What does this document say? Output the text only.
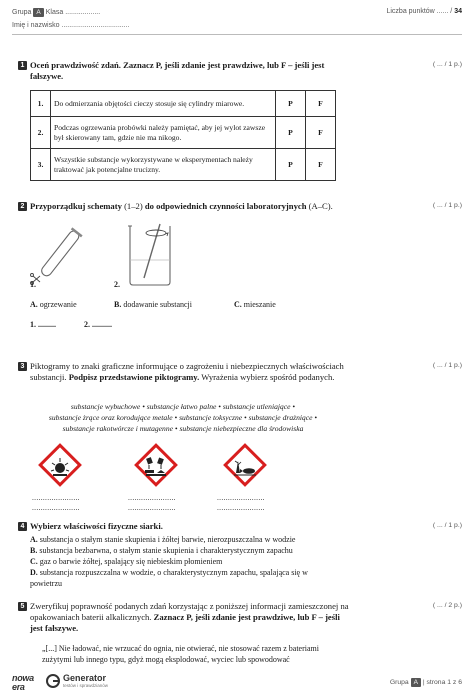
Grupa A Klasa ..................
Imię i nazwisko ...................................
Liczba punktów ...... / 34
1 Oceń prawdziwość zdań. Zaznacz P, jeśli zdanie jest prawdziwe, lub F – jeśli jest fałszywe.
( ... / 1 p.)
1.	Do odmierzania objętości cieczy stosuje się cylindry miarowe.	P	F
2.	Podczas ogrzewania probówki należy pamiętać, aby jej wylot zawsze był skierowany tam, gdzie nie ma nikogo.	P	F
3.	Wszystkie substancje wykorzystywane w eksperymentach należy traktować jak potencjalne trucizny.	P	F
2 Przyporządkuj schematy (1–2) do odpowiednich czynności laboratoryjnych (A–C).	( ... / 1 p.)
1.	2.
A. ogrzewanie	B. dodawanie substancji	C. mieszanie
1. .........	2. ..........
3 Piktogramy to znaki graficzne informujące o zagrożeniu i niebezpiecznych właściwościach substancji. Podpisz przedstawione piktogramy. Wyrażenia wybierz spośród podanych.
( ... / 1 p.)
substancje wybuchowe • substancje łatwo palne • substancje utleniające •
substancje żrące oraz korodujące metale • substancje toksyczne • substancje drażniące •
substancje rakotwórcze i mutagenne • substancje niebezpieczne dla środowiska
......................	......................	......................
......................	......................	......................
4 Wybierz właściwości fizyczne siarki.	( ... / 1 p.)
A. substancja o stałym stanie skupienia i żółtej barwie, nierozpuszczalna w wodzie
B. substancja bezbarwna, o stałym stanie skupienia i charakterystycznym zapachu
C. gaz o barwie żółtej, spalający się niebieskim płomieniem
D. substancja rozpuszczalna w wodzie, o charakterystycznym zapachu, spalająca się w
powietrzu
5 Zweryfikuj poprawność podanych zdań korzystając z poniższej informacji zamieszczonej na opakowaniach baterii alkalicznych. Zaznacz P, jeśli zdanie jest prawdziwe, lub F – jeśli jest fałszywe.
( ... / 2 p.)
„[...] Nie ładować, nie wrzucać do ognia, nie otwierać, nie stosować razem z bateriami
zużytymi lub innego typu, gdyż mogą eksplodować, wyciec lub spowodować
nowa era
Generator
testów i sprawdzianów	Grupa A | strona 1 z 6
